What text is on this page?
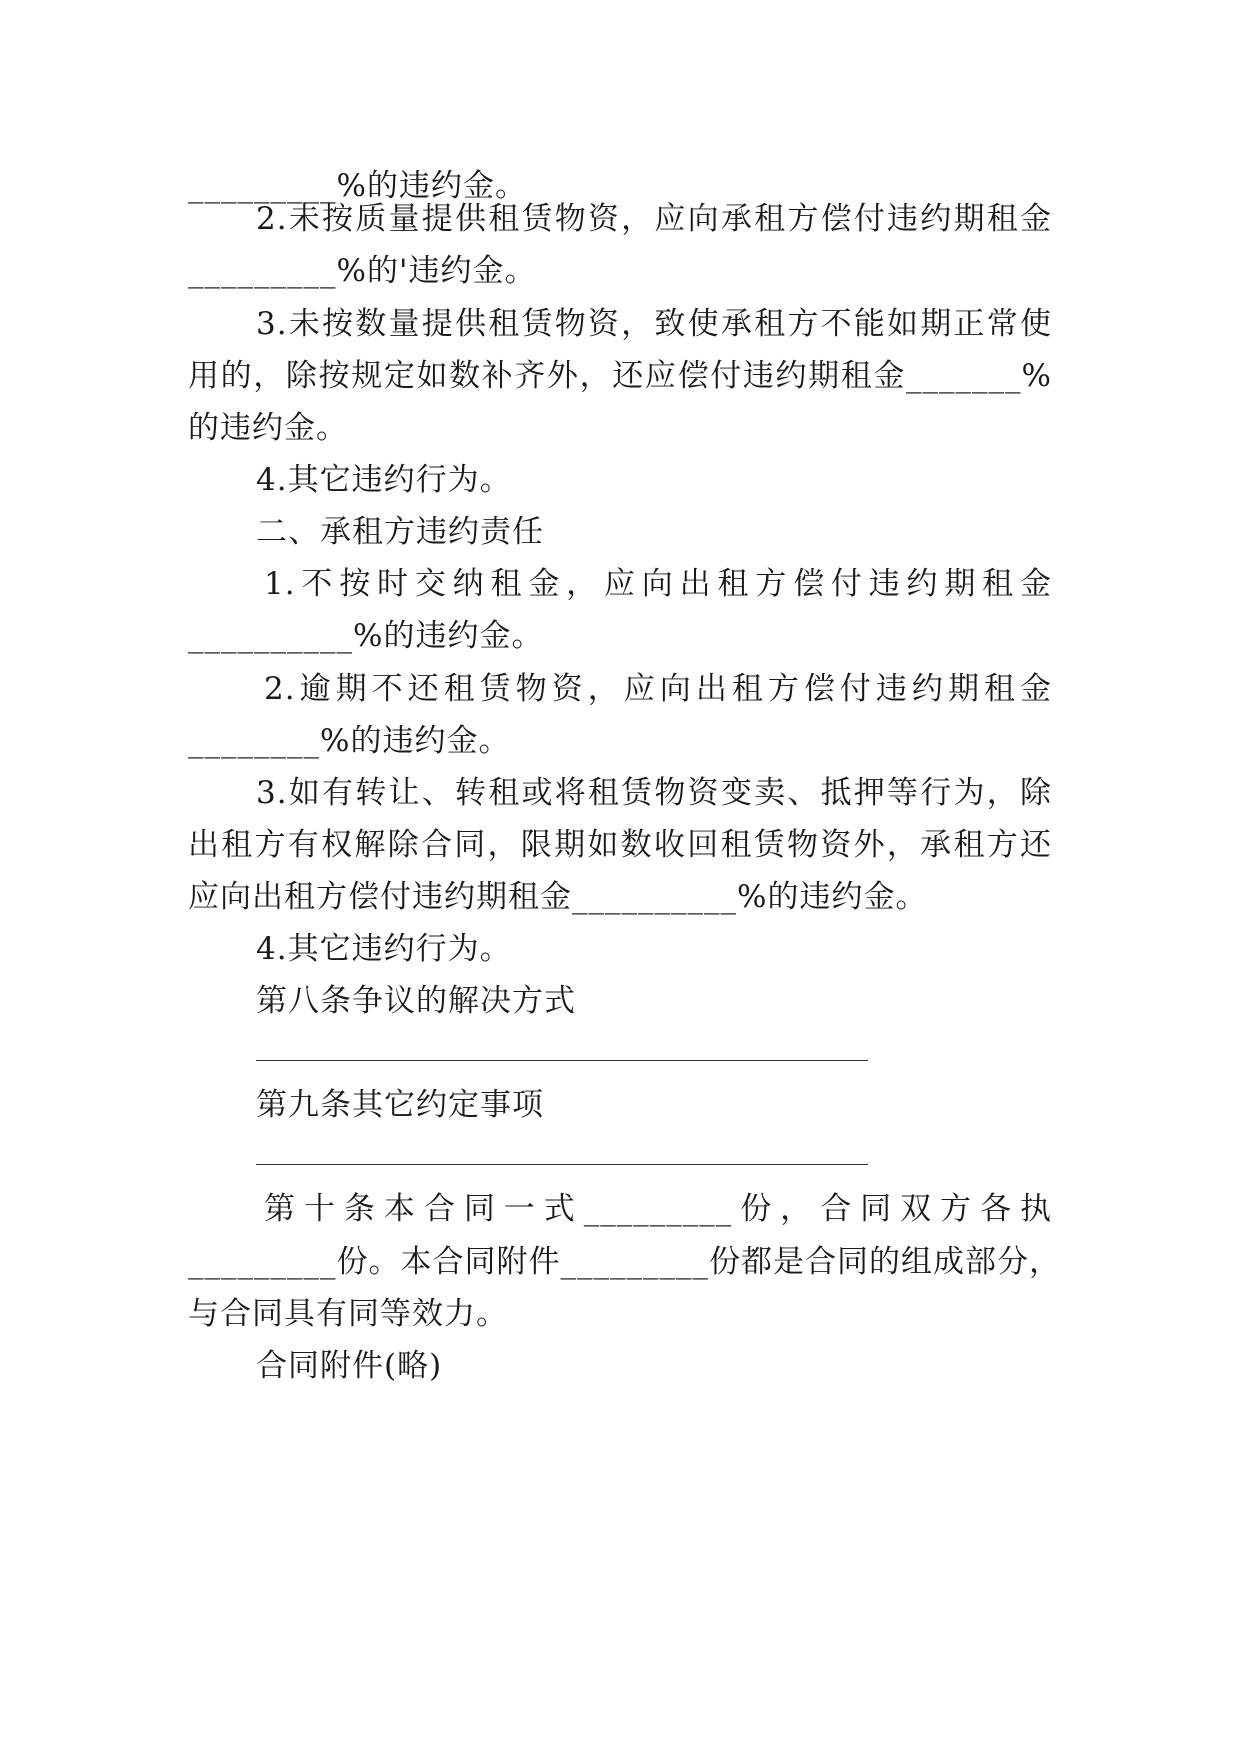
_________%的违约金。
2.未按质量提供租赁物资，应向承租方偿付违约期租金
_________%的'违约金。
3.未按数量提供租赁物资，致使承租方不能如期正常使
用的，除按规定如数补齐外，还应偿付违约期租金_______%
的违约金。
4.其它违约行为。
二、承租方违约责任
1.不按时交纳租金，应向出租方偿付违约期租金
__________%的违约金。
2.逾期不还租赁物资，应向出租方偿付违约期租金
________%的违约金。
3.如有转让、转租或将租赁物资变卖、抵押等行为，除
出租方有权解除合同，限期如数收回租赁物资外，承租方还
应向出租方偿付违约期租金__________%的违约金。
4.其它违约行为。
第八条争议的解决方式
第九条其它约定事项
第十条本合同一式_________份，合同双方各执
_________份。本合同附件_________份都是合同的组成部分，
与合同具有同等效力。
合同附件(略)
